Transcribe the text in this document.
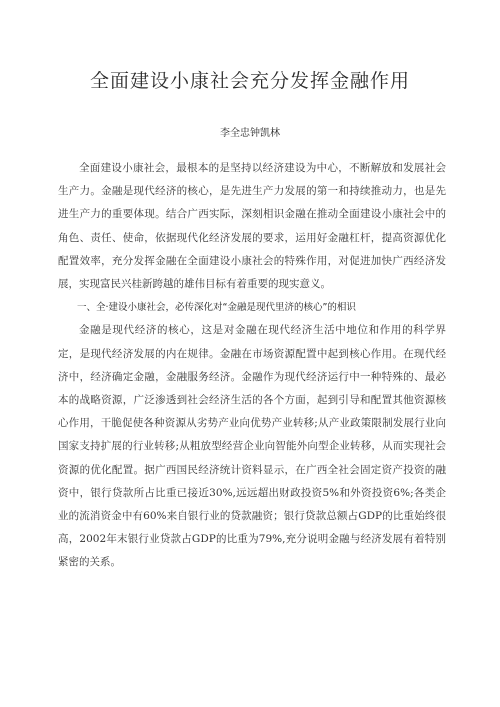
全面建设小康社会充分发挥金融作用
李全忠钟凯林

全面建设小康社会，最根本的是坚持以经济建设为中心，不断解放和发展社会生产力。金融是现代经济的核心，是先进生产力发展的第一和持续推动力，也是先进生产力的重要体现。结合广西实际，深刻相识金融在推动全面建设小康社会中的角色、责任、使命，依据现代化经济发展的要求，运用好金融杠杆，提高资源优化配置效率，充分发挥金融在全面建设小康社会的特殊作用，对促进加快广西经济发展，实现富民兴桂新跨越的雄伟目标有着重要的现实意义。

一、全·建设小康社会，必传深化对“金融是现代里济的核心”的相识

金融是现代经济的核心，这是对金融在现代经济生活中地位和作用的科学界定，是现代经济发展的内在规律。金融在市场资源配置中起到核心作用。在现代经济中，经济确定金融，金融服务经济。金融作为现代经济运行中一种特殊的、最必本的战略资源，广泛渗透到社会经济生活的各个方面，起到引导和配置其他资源核心作用，干脆促使各种资源从劣势产业向优势产业转移;从产业政策限制发展行业向国家支持扩展的行业转移;从粗放型经营企业向智能外向型企业转移，从而实现社会资源的优化配置。据广西国民经济统计资料显示，在广西全社会固定资产投资的融资中，银行贷款所占比重已接近30%,远远超出财政投资5%和外资投资6%;各类企业的流消资金中有60%来自银行业的贷款融资；银行贷款总额占GDP的比重始终很高，2002年末银行业贷款占GDP的比重为79%,充分说明金融与经济发展有着特别紧密的关系。
